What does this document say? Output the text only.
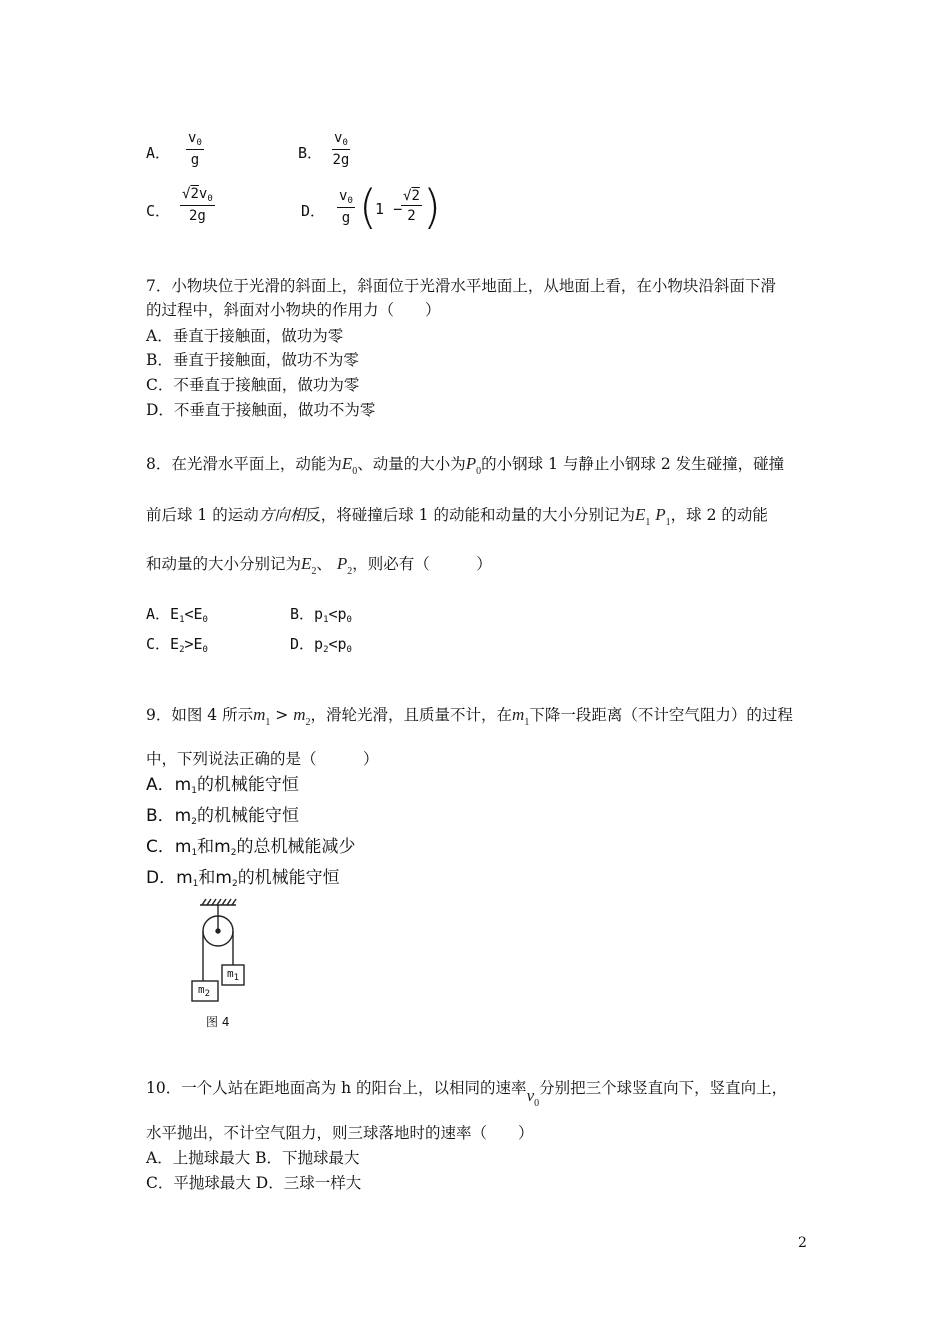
A． $\frac{v_0}{g}$	B． $\frac{v_0}{2g}$
C． $\frac{√2v_0}{2g}$	D． $\frac{v_0}{g}$ (
1 −
$\frac{√2}{2}$ )
7．小物块位于光滑的斜面上，斜面位于光滑水平地面上，从地面上看，在小物块沿斜面下滑
的过程中，斜面对小物块的作用力（　　）
A．垂直于接触面，做功为零
B．垂直于接触面，做功不为零
C．不垂直于接触面，做功为零
D．不垂直于接触面，做功不为零
8．在光滑水平面上，动能为$E_0$、动量的大小为$P_0$的小钢球 1 与静止小钢球 2 发生碰撞，碰撞
前后球 1 的运动方向相反，将碰撞后球 1 的动能和动量的大小分别记为$E_1$ $P_1$，球 2 的动能
和动量的大小分别记为$E_2$、 $P_2$，则必有（　　　）
A．$E_1<E_0$	B．$p_1<p_0$
C．$E_2>E_0$	D．$p_2<p_0$
9．如图 4 所示$m_1 > m_2$，滑轮光滑，且质量不计，在$m_1$下降一段距离（不计空气阻力）的过程
中，下列说法正确的是（　　　）
A．m1的机械能守恒
B．m2的机械能守恒
C．m1和m2的总机械能减少
D．m1和m2的机械能守恒
$m_1$
$m_2$
图 4
10．一个人站在距地面高为 h 的阳台上，以相同的速率$v_0$分别把三个球竖直向下，竖直向上，
水平抛出，不计空气阻力，则三球落地时的速率（　　）
A．上抛球最大 B．下抛球最大
C．平抛球最大 D．三球一样大
2
